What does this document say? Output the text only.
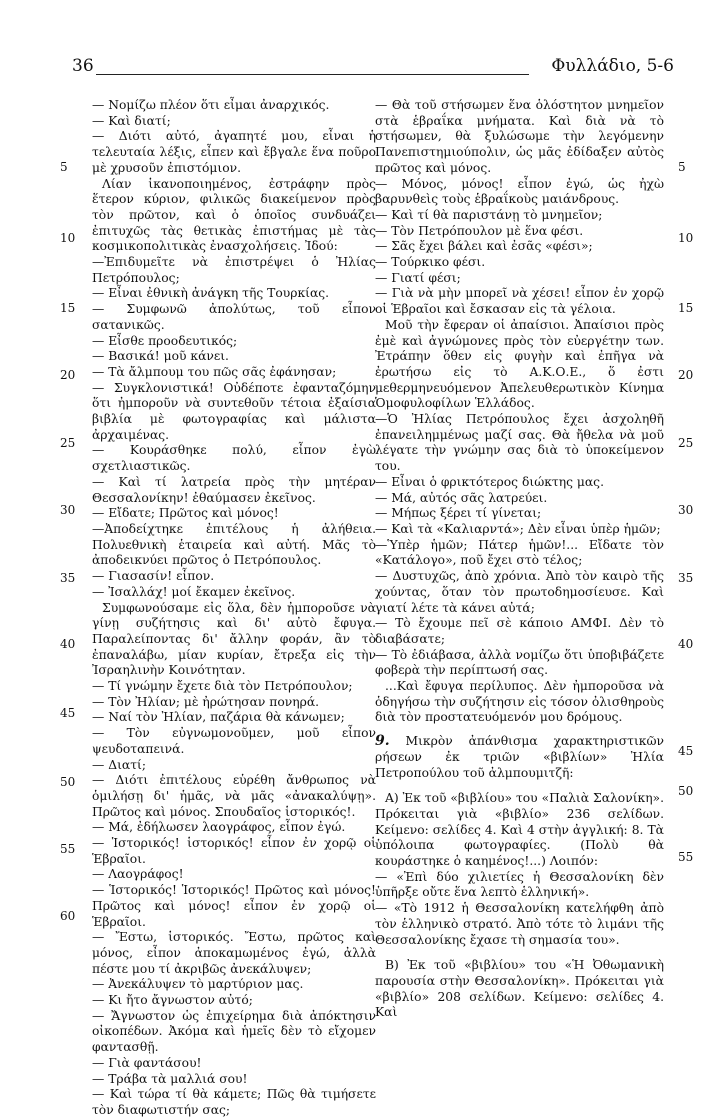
36	Φυλλάδιο, 5-6
5
10
15
20
25
30
35
40
45
50
55
60
5
10
15
20
25
30
35
40
45
50
55

— Νομίζω πλέον ὅτι εἶμαι ἀναρχικός.

— Καὶ διατί;

— Διότι αὐτό, ἀγαπητέ μου, εἶναι ἡ τελευταία λέξις, εἶπεν καὶ ἔβγαλε ἕνα ποῦρο μὲ χρυσοῦν ἐπιστόμιον.

Λίαν ἱκανοποιημένος, ἐστράφην πρὸς ἕτερον κύριον, φιλικῶς διακείμενον πρὸς τὸν πρῶτον, καὶ ὁ ὁποῖος συνδυάζει ἐπιτυχῶς τὰς θετικὰς ἐπιστήμας μὲ τὰς κοσμικοπολιτικὰς ἐνασχολήσεις. Ἰδού:

—Ἐπιδυμεῖτε νὰ ἐπιστρέψει ὁ Ἠλίας Πετρόπουλος;

— Εἶναι ἐθνικὴ ἀνάγκη τῆς Τουρκίας.

— Συμφωνῶ ἀπολύτως, τοῦ εἶπον σατανικῶς.

— Εἶσθε προοδευτικός;

— Βασικά! μοῦ κάνει.

— Τὰ ἄλμπουμ του πῶς σᾶς ἐφάνησαν;

— Συγκλονιστικά! Οὐδέποτε ἐφανταζόμην ὅτι ἠμποροῦν νὰ συντεθοῦν τέτοια ἐξαίσια βιβλία μὲ φωτογραφίας καὶ μάλιστα ἀρχαιμένας.

— Κουράσθηκε πολύ, εἶπον ἐγὼ σχετλιαστικῶς.

— Καὶ τί λατρεία πρὸς τὴν μητέραν Θεσσαλονίκην! ἐθαύμασεν ἐκεῖνος.

— Εἴδατε; Πρῶτος καὶ μόνος!

—Ἀποδείχτηκε ἐπιτέλους ἡ ἀλήθεια. Πολυεθνικὴ ἑταιρεία καὶ αὐτή. Μᾶς τὸ ἀποδεικνύει πρῶτος ὁ Πετρόπουλος.

— Γιασασίν! εἶπον.

— Ἰσαλλάχ! μοί ἔκαμεν ἐκεῖνος.

Συμφωνούσαμε εἰς ὅλα, δὲν ἠμποροῦσε νὰ γίνῃ συζήτησις καὶ δι' αὐτὸ ἔφυγα. Παραλείποντας δι' ἄλλην φοράν, ἂν τὸ ἐπαναλάβω, μίαν κυρίαν, ἔτρεξα εἰς τὴν Ἰσραηλινὴν Κοινότηταν.

— Τί γνώμην ἔχετε διὰ τὸν Πετρόπουλον;

— Τὸν Ἠλίαν; μὲ ἠρώτησαν πονηρά.

— Ναί τὸν Ἠλίαν, παζάρια θὰ κάνωμεν;

— Τὸν εὐγνωμονοῦμεν, μοῦ εἶπον ψευδοταπεινά.

— Διατί;

— Διότι ἐπιτέλους εὑρέθη ἄνθρωπος νὰ ὁμιλήσῃ δι' ἡμᾶς, νὰ μᾶς «ἀνακαλύψῃ». Πρῶτος καὶ μόνος. Σπουδαῖος ἱστορικός!.

— Μά, ἐδήλωσεν λαογράφος, εἶπον ἐγώ.

— Ἱστορικός! ἱστορικός! εἶπον ἐν χορῷ οἱ Ἑβραῖοι.

— Λαογράφος!

— Ἱστορικός! Ἱστορικός! Πρῶτος καὶ μόνος! Πρῶτος καὶ μόνος! εἶπον ἐν χορῷ οἱ Ἑβραῖοι.

— Ἔστω, ἱστορικός. Ἔστω, πρῶτος καὶ μόνος, εἶπον ἀποκαμωμένος ἐγώ, ἀλλὰ πέστε μου τί ἀκριβῶς ἀνεκάλυψεν;

— Ἀνεκάλυψεν τὸ μαρτύριον μας.

— Κι ἤτο ἄγνωστον αὐτό;

— Ἄγνωστον ὡς ἐπιχείρημα διὰ ἀπόκτησιν οἰκοπέδων. Ἀκόμα καὶ ἡμεῖς δὲν τὸ εἴχομεν φαντασθῇ.

— Γιὰ φαντάσου!

— Τράβα τὰ μαλλιά σου!

— Καὶ τώρα τί θὰ κάμετε; Πῶς θὰ τιμήσετε τὸν διαφωτιστήν σας;

— Θὰ τοῦ στήσωμεν ἕνα ὁλόστητον μνημεῖον στὰ ἑβραΐκα μνήματα. Καὶ διὰ νὰ τὸ στήσωμεν, θὰ ξυλώσωμε τὴν λεγόμενην Πανεπιστημιούπολιν, ὡς μᾶς ἐδίδαξεν αὐτὸς πρῶτος καὶ μόνος.

— Μόνος, μόνος! εἶπον ἐγώ, ὡς ἠχὼ βαρυνθεὶς τοὺς ἑβραΐκοὺς μαιάνδρους.

— Καὶ τί θὰ παριστάνῃ τὸ μνημεῖον;

— Τὸν Πετρόπουλον μὲ ἕνα φέσι.

— Σᾶς ἔχει βάλει καὶ ἐσᾶς «φέσι»;

— Τούρκικο φέσι.

— Γιατί φέσι;

— Γιὰ νὰ μὴν μπορεῖ νὰ χέσει! εἶπον ἐν χορῷ οἱ Ἑβραῖοι καὶ ἔσκασαν εἰς τὰ γέλοια.

Μοῦ τὴν ἔφεραν οἱ ἀπαίσιοι. Ἀπαίσιοι πρὸς ἐμὲ καὶ ἀγνώμονες πρὸς τὸν εὐεργέτην των. Ἐτράπην ὅθεν εἰς φυγὴν καὶ ἐπῆγα νὰ ἐρωτήσω εἰς τὸ Α.Κ.Ο.Ε., ὅ ἐστι μεθερμηνευόμενον Ἀπελευθερωτικὸν Κίνημα Ὁμοφυλοφίλων Ἑλλάδος.

—Ὁ Ἠλίας Πετρόπουλος ἔχει ἀσχοληθῆ ἐπανειλημμένως μαζί σας. Θὰ ἤθελα νὰ μοῦ λέγατε τὴν γνώμην σας διὰ τὸ ὑποκείμενον του.

— Εἶναι ὁ φρικτότερος διώκτης μας.

— Μά, αὐτός σᾶς λατρεύει.

— Μήπως ξέρει τί γίνεται;

— Καὶ τὰ «Καλιαρντά»; Δὲν εἶναι ὑπὲρ ἡμῶν;

—Ὑπὲρ ἡμῶν; Πάτερ ἡμῶν!... Εἴδατε τὸν «Κατάλογο», ποῦ ἔχει στὸ τέλος;

— Δυστυχῶς, ἀπὸ χρόνια. Ἀπὸ τὸν καιρὸ τῆς χούντας, ὅταν τὸν πρωτοδημοσίευσε. Καὶ γιατί λέτε τὰ κάνει αὐτά;

— Τὸ ἔχουμε πεῖ σὲ κάποιο ΑΜΦΙ. Δὲν τὸ διαβάσατε;

— Τὸ ἐδιάβασα, ἀλλὰ νομίζω ὅτι ὑποβιβάζετε φοβερὰ τὴν περίπτωσή σας.

...Καὶ ἔφυγα περίλυπος. Δὲν ἠμποροῦσα νὰ ὁδηγήσω τὴν συζήτησιν εἰς τόσον ὀλισθηροὺς διὰ τὸν προστατευόμενόν μου δρόμους.

9. Μικρὸν ἀπάνθισμα χαρακτηριστικῶν ρήσεων ἐκ τριῶν «βιβλίων» Ἠλία Πετροπούλου τοῦ ἀλμπουμιτζῆ:

Α) Ἐκ τοῦ «βιβλίου» του «Παλιὰ Σαλονίκη». Πρόκειται γιὰ «βιβλίο» 236 σελίδων. Κείμενο: σελίδες 4. Καὶ 4 στὴν ἀγγλική: 8. Τὰ ὑπόλοιπα φωτογραφίες. (Πολὺ θὰ κουράστηκε ὁ καημένος!...) Λοιπόν:

— «Ἐπὶ δύο χιλιετίες ἡ Θεσσαλονίκη δὲν ὑπῆρξε οὔτε ἕνα λεπτὸ ἑλληνική».

— «Τὸ 1912 ἡ Θεσσαλονίκη κατελήφθη ἀπὸ τὸν ἑλληνικὸ στρατό. Ἀπὸ τότε τὸ λιμάνι τῆς Θεσσαλονίκης ἔχασε τὴ σημασία του».

Β) Ἐκ τοῦ «βιβλίου» του «Ἡ Ὀθωμανικὴ παρουσία στὴν Θεσσαλονίκη». Πρόκειται γιὰ «βιβλίο» 208 σελίδων. Κείμενο: σελίδες 4. Καὶ
